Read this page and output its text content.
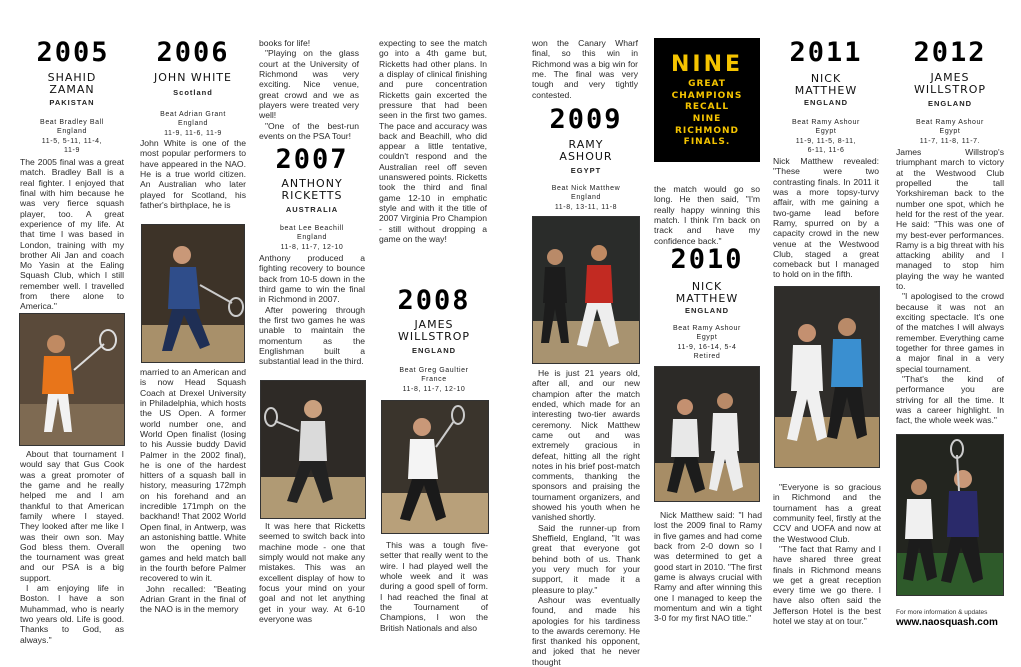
2005
SHAHID
ZAMAN
PAKISTAN
Beat Bradley Ball
England
11-5, 5-11, 11-4,
11-9

The 2005 final was a great match. Bradley Ball is a real fighter. I enjoyed that final with him because he was very fierce squash player, too. A great experience of my life. At that time I was based in London, training with my brother Ali Jan and coach Mo Yasin at the Ealing Squash Club, which I still remember well. I travelled from there alone to America."

About that tournament I would say that Gus Cook was a great promoter of the game and he really helped me and I am thankful to that American family where I stayed. They looked after me like I was their own son. May God bless them. Overall the tournament was great and our PSA is a big support.

I am enjoying life in Boston. I have a son Muhammad, who is nearly two years old. Life is good. Thanks to God, as always."

2006
JOHN WHITE
Scotland
Beat Adrian Grant
England
11-9, 11-6, 11-9

John White is one of the most popular performers to have appeared in the NAO. He is a true world citizen. An Australian who later played for Scotland, his father's birthplace, he is

married to an American and is now Head Squash Coach at Drexel University in Philadelphia, which hosts the US Open. A former world number one, and World Open finalist (losing to his Aussie buddy David Palmer in the 2002 final), he is one of the hardest hitters of a squash ball in history, measuring 172mph on his forehand and an incredible 171mph on the backhand! That 2002 World Open final, in Antwerp, was an astonishing battle. White won the opening two games and held match ball in the fourth before Palmer recovered to win it.

John recalled: "Beating Adrian Grant in the final of the NAO is in the memory

books for life!

"Playing on the glass court at the University of Richmond was very exciting. Nice venue, great crowd and we as players were treated very well!

"One of the best-run events on the PSA Tour!

2007
ANTHONY
RICKETTS
AUSTRALIA
beat Lee Beachill
England
11-8, 11-7, 12-10

Anthony produced a fighting recovery to bounce back from 10-5 down in the third game to win the final in Richmond in 2007.

After powering through the first two games he was unable to maintain the momentum as the Englishman built a substantial lead in the third.

It was here that Ricketts seemed to switch back into machine mode - one that simply would not make any mistakes. This was an excellent display of how to focus your mind on your goal and not let anything get in your way. At 6-10 everyone was

expecting to see the match go into a 4th game but, Ricketts had other plans. In a display of clinical finishing and pure concentration Ricketts gain excerted the pressure that had been seen in the first two games. The pace and accuracy was back and Beachill, who did appear a little tentative, couldn't respond and the Australian reel off seven unanswered points. Ricketts took the third and final game 12-10 in emphatic style and with it the title of 2007 Virginia Pro Champion - still without dropping a game on the way!

2008
JAMES
WILLSTROP
ENGLAND
Beat Greg Gaultier
France
11-8, 11-7, 12-10

This was a tough five-setter that really went to the wire. I had played well the whole week and it was during a good spell of form. I had reached the final at the Tournament of Champions, I won the British Nationals and also

won the Canary Wharf final, so this win in Richmond was a big win for me. The final was very tough and very tightly contested.

2009
RAMY
ASHOUR
EGYPT
Beat Nick Matthew
England
11-8, 13-11, 11-8

He is just 21 years old, after all, and our new champion after the match ended, which made for an interesting two-tier awards ceremony. Nick Matthew came out and was extremely gracious in defeat, hitting all the right notes in his brief post-match comments, thanking the sponsors and praising the tournament organizers, and showed his youth when he vanished shortly.

Said the runner-up from Sheffield, England, "It was great that everyone got behind both of us. Thank you very much for your support, it made it a pleasure to play."

Ashour was eventually found, and made his apologies for his tardiness to the awards ceremony. He first thanked his opponent, and joked that he never thought

NINE
GREAT
CHAMPIONS
RECALL
NINE
RICHMOND
FINALS.

the match would go so long. He then said, "I'm really happy winning this match. I think I'm back on track and have my confidence back."

2010
NICK
MATTHEW
ENGLAND
Beat Ramy Ashour
Egypt
11-9, 16-14, 5-4
Retired

Nick Matthew said: "I had lost the 2009 final to Ramy in five games and had come back from 2-0 down so I was determined to get a good start in 2010. "The first game is always crucial with Ramy and after winning this one I managed to keep the momentum and win a tight 3-0 for my first NAO title."

2011
NICK
MATTHEW
ENGLAND
Beat Ramy Ashour
Egypt
11-9, 11-5, 8-11,
6-11, 11-6

Nick Matthew revealed: "These were two contrasting finals. In 2011 it was a more topsy-turvy affair, with me gaining a two-game lead before Ramy, spurred on by a capacity crowd in the new venue at the Westwood Club, staged a great comeback but I managed to hold on in the fifth.

"Everyone is so gracious in Richmond and the tournament has a great community feel, firstly at the CCV and UOFA and now at the Westwood Club.

"The fact that Ramy and I have shared three great finals in Richmond means we get a great reception every time we go there. I have also often said the Jefferson Hotel is the best hotel we stay at on tour."

2012
JAMES
WILLSTROP
ENGLAND
Beat Ramy Ashour
Egypt
11-7, 11-8, 11-7.

James Willstrop's triumphant march to victory at the Westwood Club propelled the tall Yorkshireman back to the number one spot, which he held for the rest of the year. He said: "This was one of my best-ever performances. Ramy is a big threat with his attacking ability and I managed to stop him playing the way he wanted to.

"I apologised to the crowd because it was not an exciting spectacle. It's one of the matches I will always remember. Everything came together for three games in a major final in a very special tournament.

"That's the kind of performance you are striving for all the time. It was a career highlight. In fact, the whole week was."

For more information & updates
www.naosquash.com
